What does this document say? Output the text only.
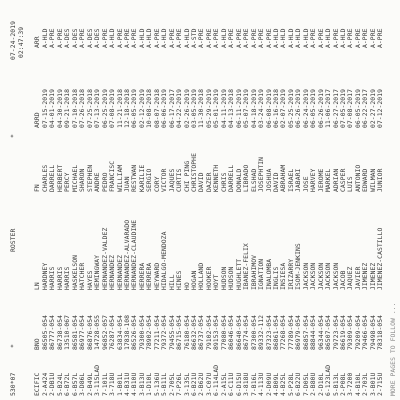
530*07

*

ROSTER

*

07-24-2019

02:47:39

ECIFIC

BNO

LN

FN

ARRD

ARR

2-A424
86505-054
HARDNEY
CHARLES
07-15-2019
A-HLD
2-DB1U
86777-054
HARRIS
DARRELL
04-01-2019
A-PRE
5-B24L
86738-054
HARRIS
HERBERT
04-30-2019
A-PRE
6-B72L
13510-067
HARRIS
PERCY
09-21-2018
A-DES
6-B57L
86581-054
HASKELSON
MICHAEL
07-10-2018
A-DES
3-D86L
86977-054
HATCHER
SHARON
07-26-2018
A-PRE
2-B49L
86876-054
HAYES
STEPHEN
07-25-2018
A-DES
3-115LAD
14728-055
HEMINGWAY
ANDRE
07-13-2019
A-DES
7-101L
96852-057
HERNANDEZ-VALDEZ
PEDRO
06-25-2019
A-PRE
3-718U
76287-054
HERNANDEZ
FRANCISC
07-08-2019
A-HLD
1-B01L
63834-054
HERNANDEZ
WILLIAM
11-21-2018
A-PRE
4-B31U
17838-108
HERNANDEZ-ALVARADO
JUAN
12-18-2018
A-PRE
4-B10U
86526-054
HERNANDEZ-CLAUDINE
RESTWAN
06-05-2019
A-PRE
3-B13U
79300-054
HERRERA
KARILIE
02-12-2019
A-HLD
1-D10L
78902-054
HERRERA
SERGIO
10-08-2018
A-HLD
5-136U
77211-054
HEYWARD
CORY
08-07-2018
A-PRE
5-B11L
79372-054
HIDALGO-MENDOZA
VICTOR
06-06-2019
A-HLD
2-705L
79455-054
HILL
JAQUES
06-17-2017
A-PRE
7-P26L
86715-054
HINES
CURTIS
04-22-2019
A-PRE
3-135L
76180-054
HO
CHI PING
02-26-2019
A-HLD
6-B21U
86632-054
HOGAN
CHRISTOPHE
03-05-2019
A-STD
2-B62U
86737-054
HOLLAND
DAVID
11-30-2018
A-PRE
3-C07U
79102-054
HOOKER
DAZER
05-29-2019
A-PRE
6-114LAD
89153-054
HOYT
KENNETH
05-01-2019
A-PRE
2-A15L
77080-054
HUDSON
CHRIS
04-11-2019
A-HLD
6-C11U
86046-054
HUDSON
DARRELL
04-13-2018
A-PRE
6-D15U
86640-054
HUGHLETT
DONALD
06-11-2019
A-PRE
3-818U
86774-054
IBANEZ-FELIX
LIBRADO
05-07-2019
A-PRE
7-B16L
87300-054
IBRAHIMOV
ELSHAD
04-18-2019
A-PRE
4-113U
89332-112
IGNATION
JOSEPHTIN
03-24-2019
A-PRE
2-D09U
87323-054
INALOMBA
JOSHUA
06-08-2019
A-PRE
4-B09L
86861-054
INGLIS
DAVID
06-16-2018
A-HLD
4-B25L
77268-054
INSIESA
ABRAHAM
02-07-2019
A-HLD
5-P28L
77789-054
IRIZARRY
ISRAEL
05-25-2019
A-HLD
6-B22U
86979-054
ISOM-JENKINS
JABARI
06-26-2019
A-HLD
7-D05L
86857-054
JACKSON
JOSE
06-24-2019
A-HLD
2-B80U
88844-054
JACKSON
HARVEY
06-05-2019
A-PRE
2-D10L
96344-054
JACKSON
JEROME
06-26-2019
A-PRE
6-123LAD
86507-054
JACKSON
MARKEL
11-06-2017
A-HLD
5-B13L
79723-054
JACKSON
ADRIAN
06-27-2017
A-PRE
2-P08L
86619-054
JACOB
CASPER
07-05-2019
A-HLD
3-7200
79309-054
JAQUEZ
LUIS
07-08-2017
A-PRE
4-B10L
79209-054
JAVIER
ANTONIO
06-05-2019
A-PRE
2-703L
79466-054
JIMENEZ
EDWARD
06-22-2017
A-PRE
3-B01U
79498-054
JIMENEZ
WILMAN
02-27-2019
A-PRE
2-715U
78318-054
JIMENEZ-CASTILLO
JUNIOR
07-12-2019
A-PRE

MORE PAGES TO FOLLOW ...
